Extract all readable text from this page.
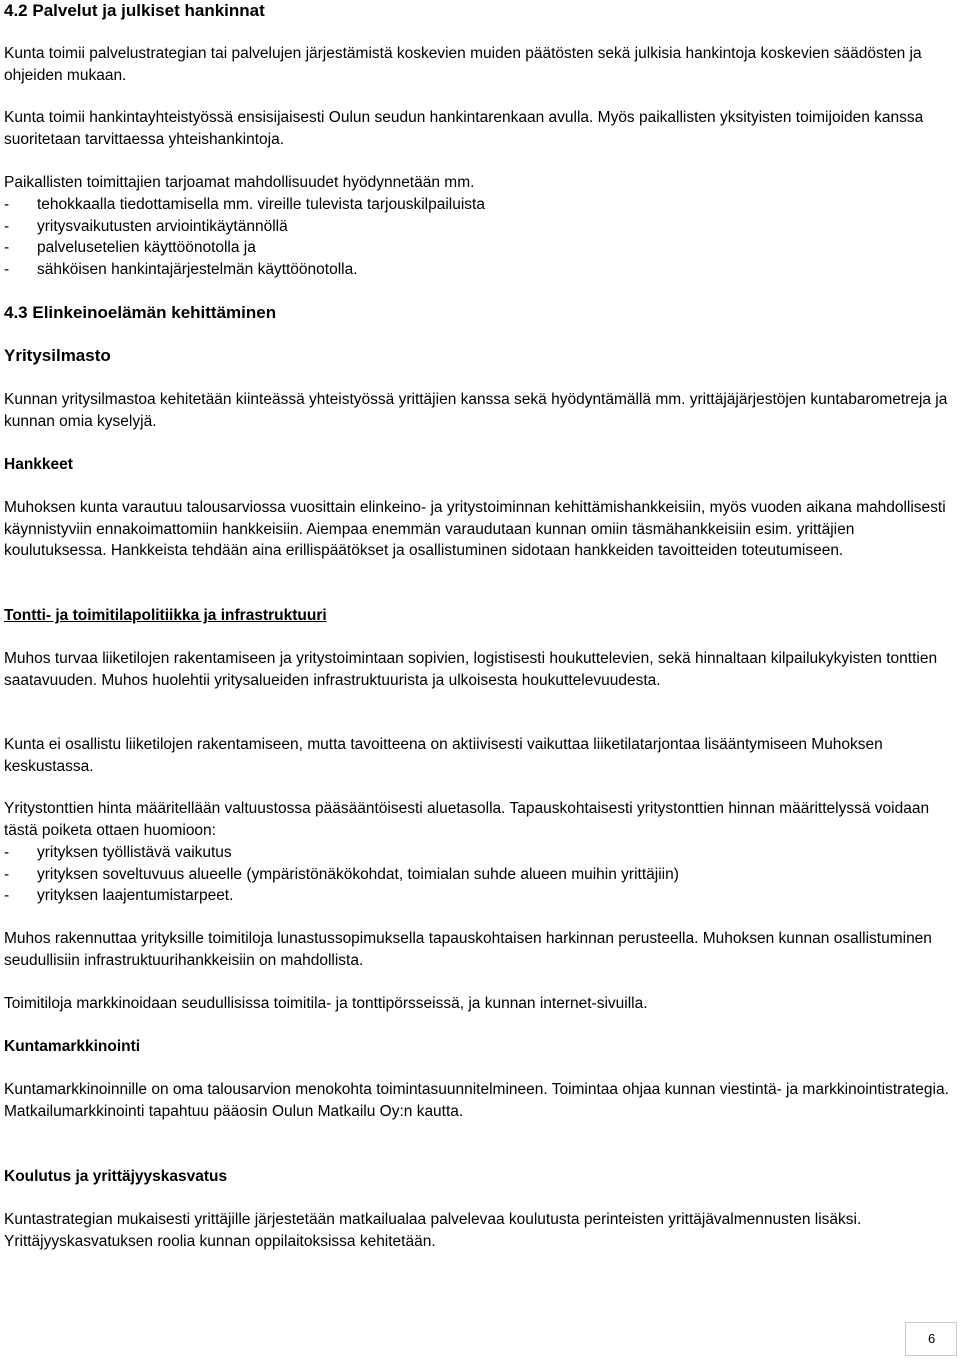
4.2 Palvelut ja julkiset hankinnat

Kunta toimii palvelustrategian tai palvelujen järjestämistä koskevien muiden päätösten sekä julkisia hankintoja koskevien säädösten ja ohjeiden mukaan.

Kunta toimii hankintayhteistyössä ensisijaisesti Oulun seudun hankintarenkaan avulla. Myös paikallisten yksityisten toimijoiden kanssa suoritetaan tarvittaessa yhteishankintoja.

Paikallisten toimittajien tarjoamat mahdollisuudet hyödynnetään mm.

-	tehokkaalla tiedottamisella mm. vireille tulevista tarjouskilpailuista
-	yritysvaikutusten arviointikäytännöllä
-	palvelusetelien käyttöönotolla ja
-	sähköisen hankintajärjestelmän käyttöönotolla.
4.3 Elinkeinoelämän kehittäminen
Yritysilmasto

Kunnan yritysilmastoa kehitetään kiinteässä yhteistyössä yrittäjien kanssa sekä hyödyntämällä mm. yrittäjäjärjestöjen kuntabarometreja ja kunnan omia kyselyjä.

Hankkeet

Muhoksen kunta varautuu talousarviossa vuosittain elinkeino- ja yritystoiminnan kehittämishankkeisiin, myös vuoden aikana mahdollisesti käynnistyviin ennakoimattomiin hankkeisiin. Aiempaa enemmän varaudutaan kunnan omiin täsmähankkeisiin esim. yrittäjien koulutuksessa. Hankkeista tehdään aina erillispäätökset ja osallistuminen sidotaan hankkeiden tavoitteiden toteutumiseen.

Tontti- ja toimitilapolitiikka ja infrastruktuuri

Muhos turvaa liiketilojen rakentamiseen ja yritystoimintaan sopivien, logistisesti houkuttelevien, sekä hinnaltaan kilpailukykyisten tonttien saatavuuden. Muhos huolehtii yritysalueiden infrastruktuurista ja ulkoisesta houkuttelevuudesta.

Kunta ei osallistu liiketilojen rakentamiseen, mutta tavoitteena on aktiivisesti vaikuttaa liiketilatarjontaa lisääntymiseen Muhoksen keskustassa.

Yritystonttien hinta määritellään valtuustossa pääsääntöisesti aluetasolla. Tapauskohtaisesti yritystonttien hinnan määrittelyssä voidaan tästä poiketa ottaen huomioon:

-	yrityksen työllistävä vaikutus
-	yrityksen soveltuvuus alueelle (ympäristönäkökohdat, toimialan suhde alueen muihin yrittäjiin)
-	yrityksen laajentumistarpeet.

Muhos rakennuttaa yrityksille toimitiloja lunastussopimuksella tapauskohtaisen harkinnan perusteella. Muhoksen kunnan osallistuminen seudullisiin infrastruktuurihankkeisiin on mahdollista.

Toimitiloja markkinoidaan seudullisissa toimitila- ja tonttipörsseissä, ja kunnan internet-sivuilla.

Kuntamarkkinointi

Kuntamarkkinoinnille on oma talousarvion menokohta toimintasuunnitelmineen. Toimintaa ohjaa kunnan viestintä- ja markkinointistrategia. Matkailumarkkinointi tapahtuu pääosin Oulun Matkailu Oy:n kautta.

Koulutus ja yrittäjyyskasvatus

Kuntastrategian mukaisesti yrittäjille järjestetään matkailualaa palvelevaa koulutusta perinteisten yrittäjävalmennusten lisäksi. Yrittäjyyskasvatuksen roolia kunnan oppilaitoksissa kehitetään.

6
